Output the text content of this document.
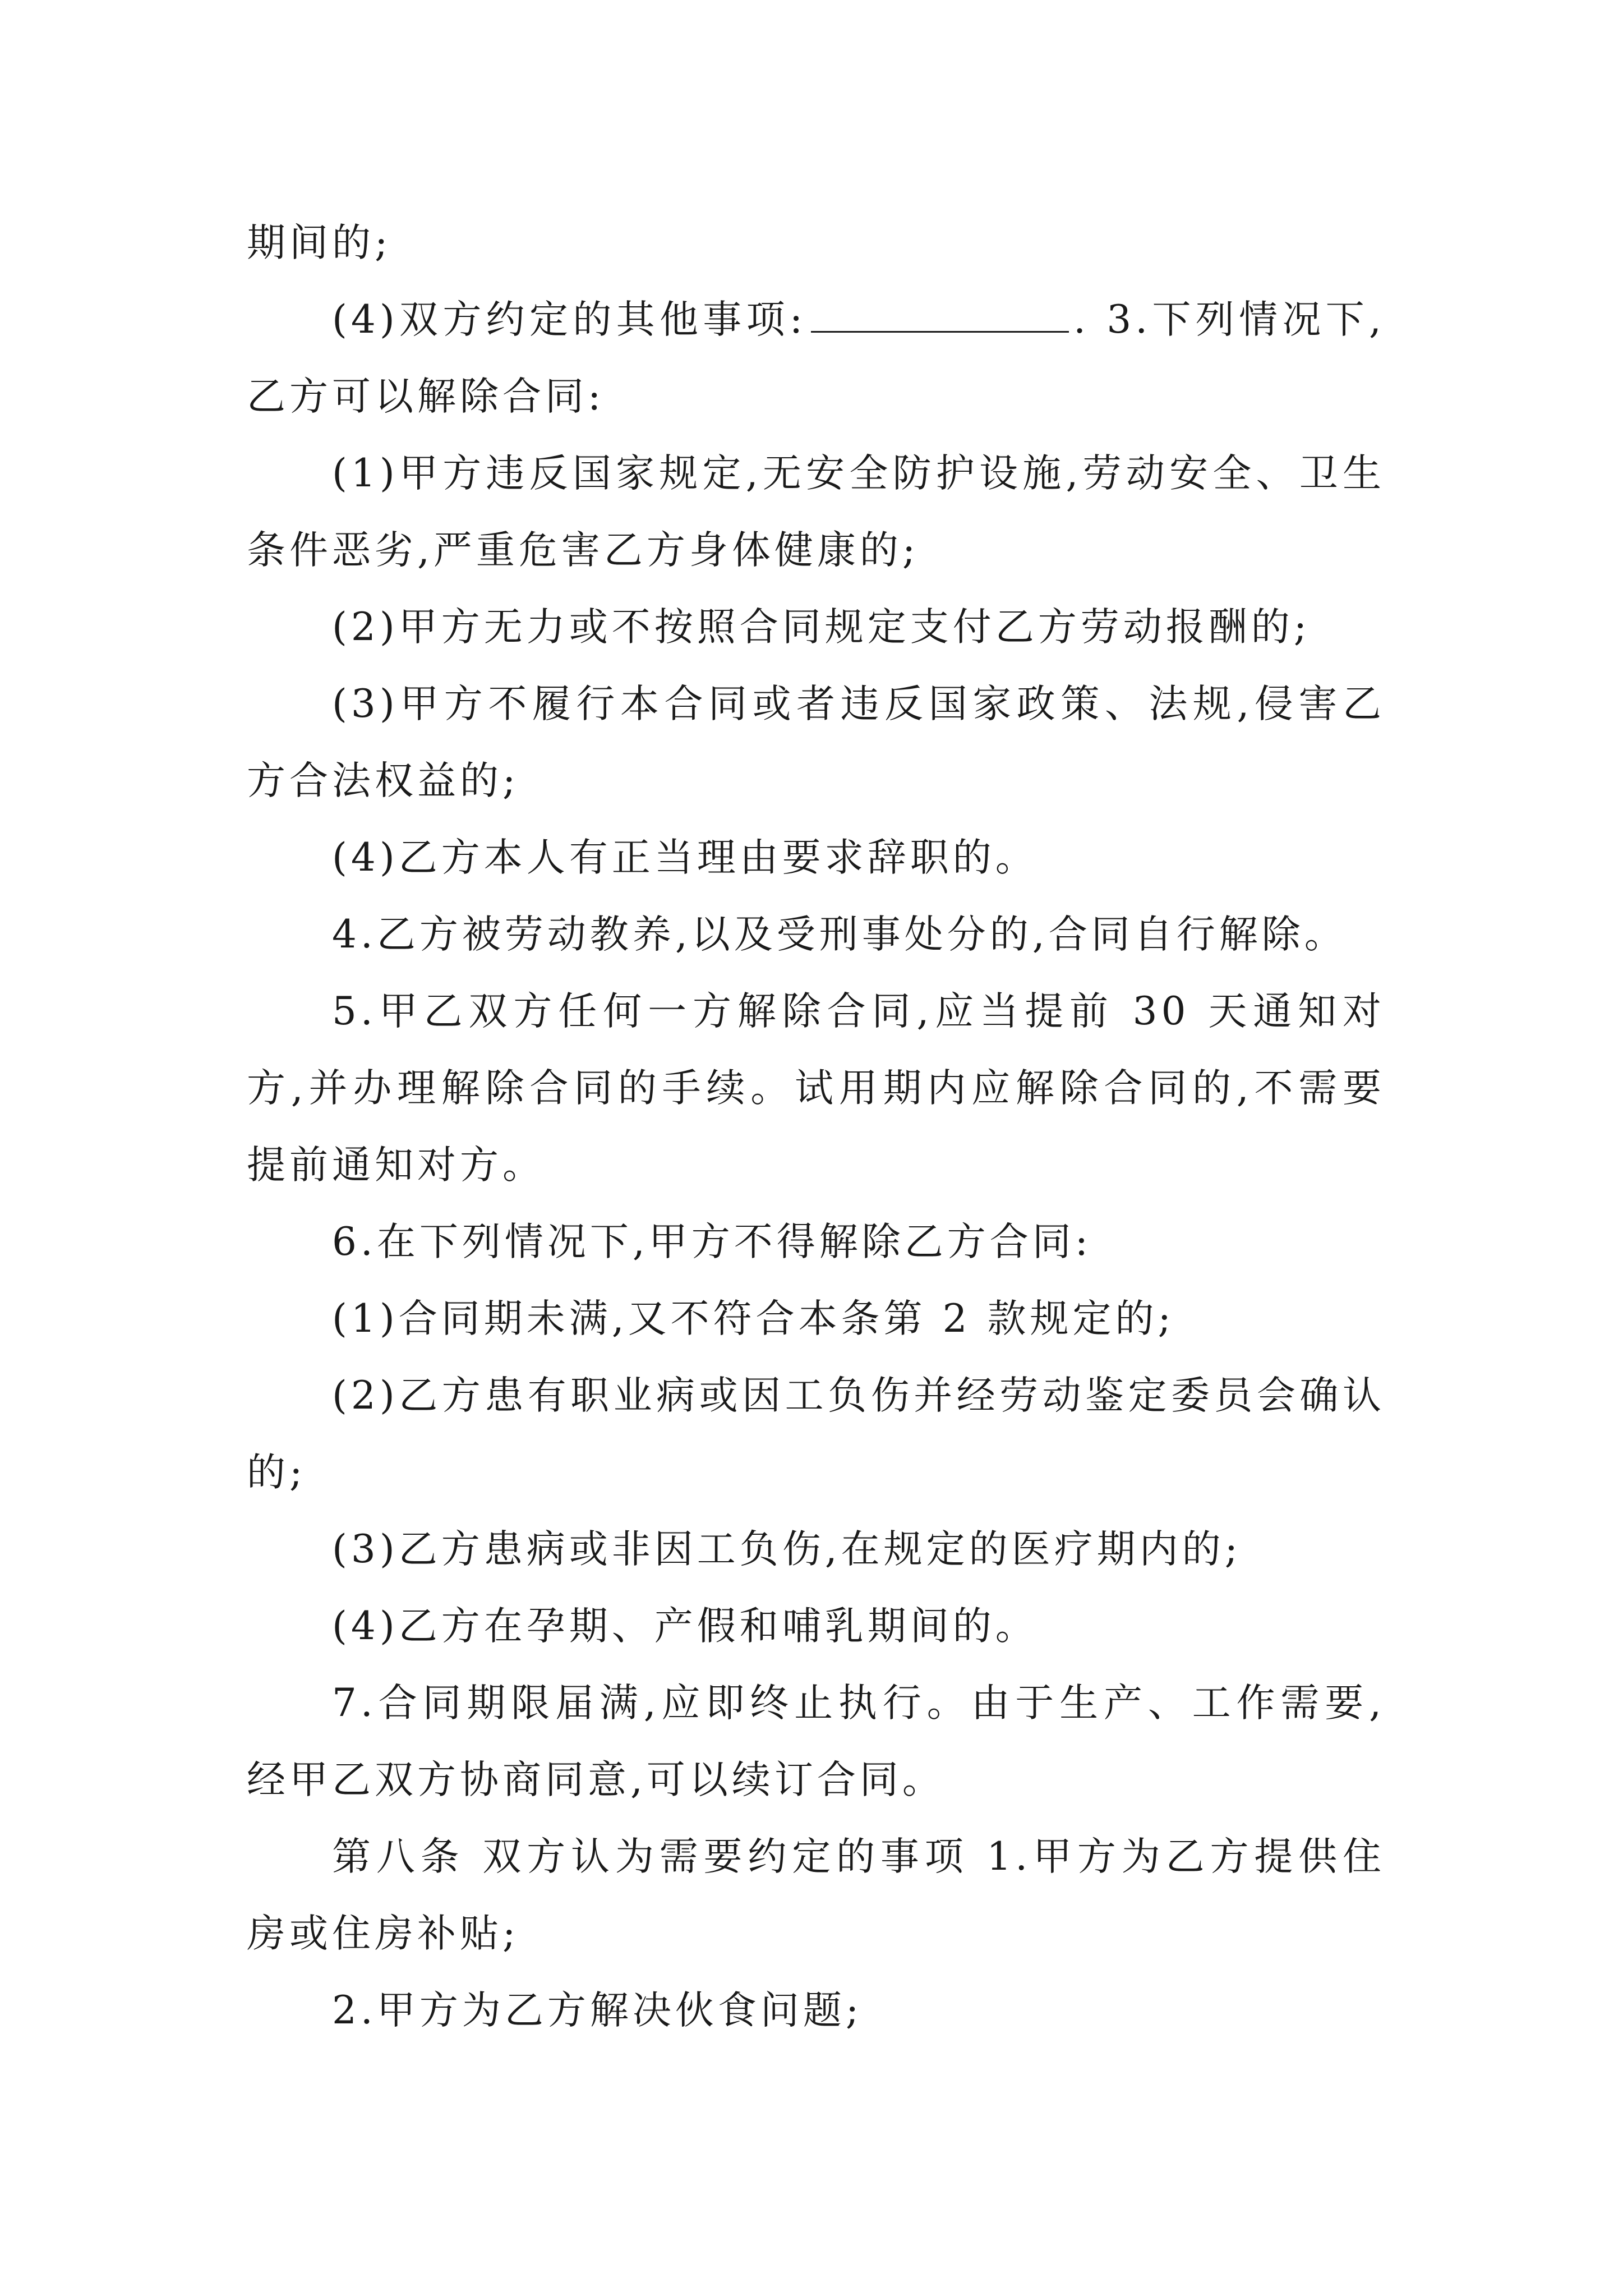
期间的;

(4)双方约定的其他事项:	. 3.下列情况下,乙方可以解除合同:

(1)甲方违反国家规定,无安全防护设施,劳动安全、卫生条件恶劣,严重危害乙方身体健康的;

(2)甲方无力或不按照合同规定支付乙方劳动报酬的;

(3)甲方不履行本合同或者违反国家政策、法规,侵害乙方合法权益的;

(4)乙方本人有正当理由要求辞职的。

4.乙方被劳动教养,以及受刑事处分的,合同自行解除。

5.甲乙双方任何一方解除合同,应当提前 30 天通知对方,并办理解除合同的手续。试用期内应解除合同的,不需要提前通知对方。

6.在下列情况下,甲方不得解除乙方合同:

(1)合同期未满,又不符合本条第 2 款规定的;

(2)乙方患有职业病或因工负伤并经劳动鉴定委员会确认的;

(3)乙方患病或非因工负伤,在规定的医疗期内的;

(4)乙方在孕期、产假和哺乳期间的。

7.合同期限届满,应即终止执行。由于生产、工作需要,经甲乙双方协商同意,可以续订合同。

第八条 双方认为需要约定的事项 1.甲方为乙方提供住房或住房补贴;

2.甲方为乙方解决伙食问题;
